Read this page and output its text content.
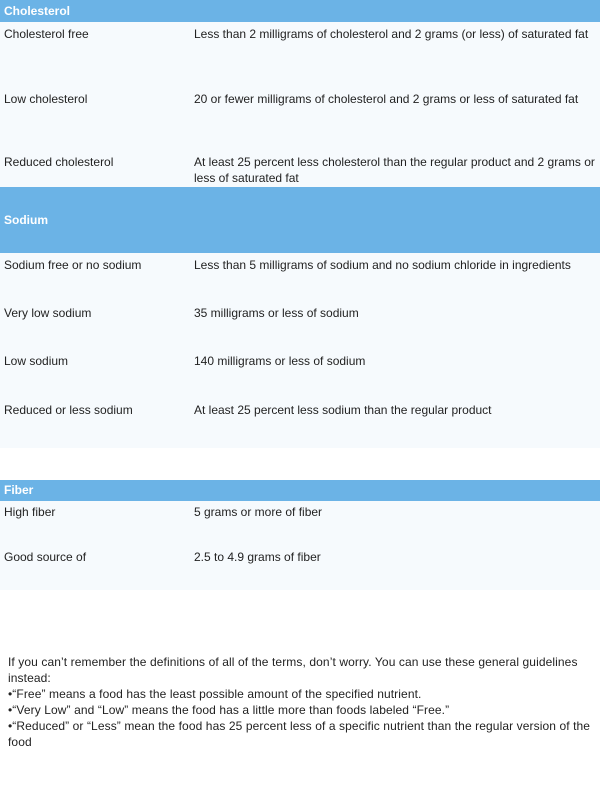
Cholesterol
Cholesterol free	Less than 2 milligrams of cholesterol and 2 grams (or less) of saturated fat
Low cholesterol	20 or fewer milligrams of cholesterol and 2 grams or less of saturated fat
Reduced cholesterol	At least 25 percent less cholesterol than the regular product and 2 grams or less of saturated fat
Sodium
Sodium free or no sodium	Less than 5 milligrams of sodium and no sodium chloride in ingredients
Very low sodium	35 milligrams or less of sodium
Low sodium	140 milligrams or less of sodium
Reduced or less sodium	At least 25 percent less sodium than the regular product
Fiber
High fiber	5 grams or more of fiber
Good source of	2.5 to 4.9 grams of fiber
If you can’t remember the definitions of all of the terms, don’t worry. You can use these general guidelines instead:
•“Free” means a food has the least possible amount of the specified nutrient.
•“Very Low” and “Low” means the food has a little more than foods labeled “Free.”
•“Reduced” or “Less” mean the food has 25 percent less of a specific nutrient than the regular version of the food
